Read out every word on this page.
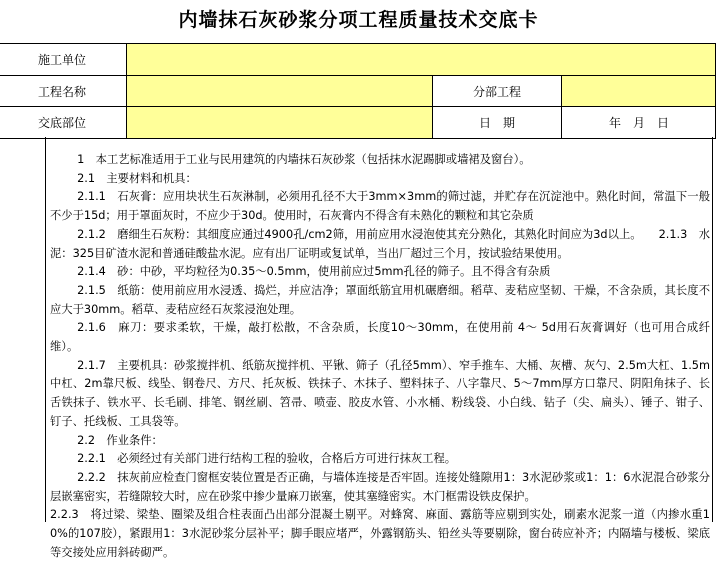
内墙抹石灰砂浆分项工程质量技术交底卡
施工单位
工程名称	分部工程
交底部位	日　期	年　月　日

1　本工艺标准适用于工业与民用建筑的内墙抹石灰砂浆（包括抹水泥踢脚或墙裙及窗台）。

2.1　主要材料和机具：

2.1.1　石灰膏：应用块状生石灰淋制，必须用孔径不大于3mm×3mm的筛过滤，并贮存在沉淀池中。熟化时间，常温下一般不少于15d；用于罩面灰时，不应少于30d。使用时，石灰膏内不得含有未熟化的颗粒和其它杂质

2.1.2　磨细生石灰粉：其细度应通过4900孔/cm2筛，用前应用水浸泡使其充分熟化，其熟化时间应为3d以上。　　2.1.3　水泥：325目矿渣水泥和普通硅酸盐水泥。应有出厂证明或复试单，当出厂超过三个月，按试验结果使用。

2.1.4　砂：中砂，平均粒径为0.35～0.5mm，使用前应过5mm孔径的筛子。且不得含有杂质

2.1.5　纸筋：使用前应用水浸透、捣烂，并应洁净；罩面纸筋宜用机碾磨细。稻草、麦秸应坚韧、干燥，不含杂质，其长度不应大于30mm。稻草、麦秸应经石灰浆浸泡处理。

2.1.6　麻刀：要求柔软，干燥，敲打松散，不含杂质，长度10～30mm，在使用前 4～ 5d用石灰膏调好（也可用合成纤维）。

2.1.7　主要机具：砂浆搅拌机、纸筋灰搅拌机、平锹、筛子（孔径5mm）、窄手推车、大桶、灰槽、灰勺、2.5m大杠、1.5m中杠、2m靠尺板、线坠、钢卷尺、方尺、托灰板、铁抹子、木抹子、塑料抹子、八字靠尺、5～7mm厚方口靠尺、阴阳角抹子、长舌铁抹子、铁水平、长毛刷、排笔、钢丝刷、笤帚、喷壶、胶皮水管、小水桶、粉线袋、小白线、钻子（尖、扁头）、锤子、钳子、钉子、托线板、工具袋等。

2.2　作业条件：

2.2.1　必须经过有关部门进行结构工程的验收，合格后方可进行抹灰工程。

2.2.2　抹灰前应检查门窗框安装位置是否正确，与墙体连接是否牢固。连接处缝隙用1：3水泥砂浆或1：1：6水泥混合砂浆分层嵌塞密实，若缝隙较大时，应在砂浆中掺少量麻刀嵌塞，使其塞缝密实。木门框需设铁皮保护。

2.2.3　将过梁、梁垫、圈梁及组合柱表面凸出部分混凝土剔平。对蜂窝、麻面、露筋等应剔到实处，刷素水泥浆一道（内掺水重10%的107胶），紧跟用1：3水泥砂浆分层补平；脚手眼应堵严，外露钢筋头、铅丝头等要剔除，窗台砖应补齐；内隔墙与楼板、梁底等交接处应用斜砖砌严。
